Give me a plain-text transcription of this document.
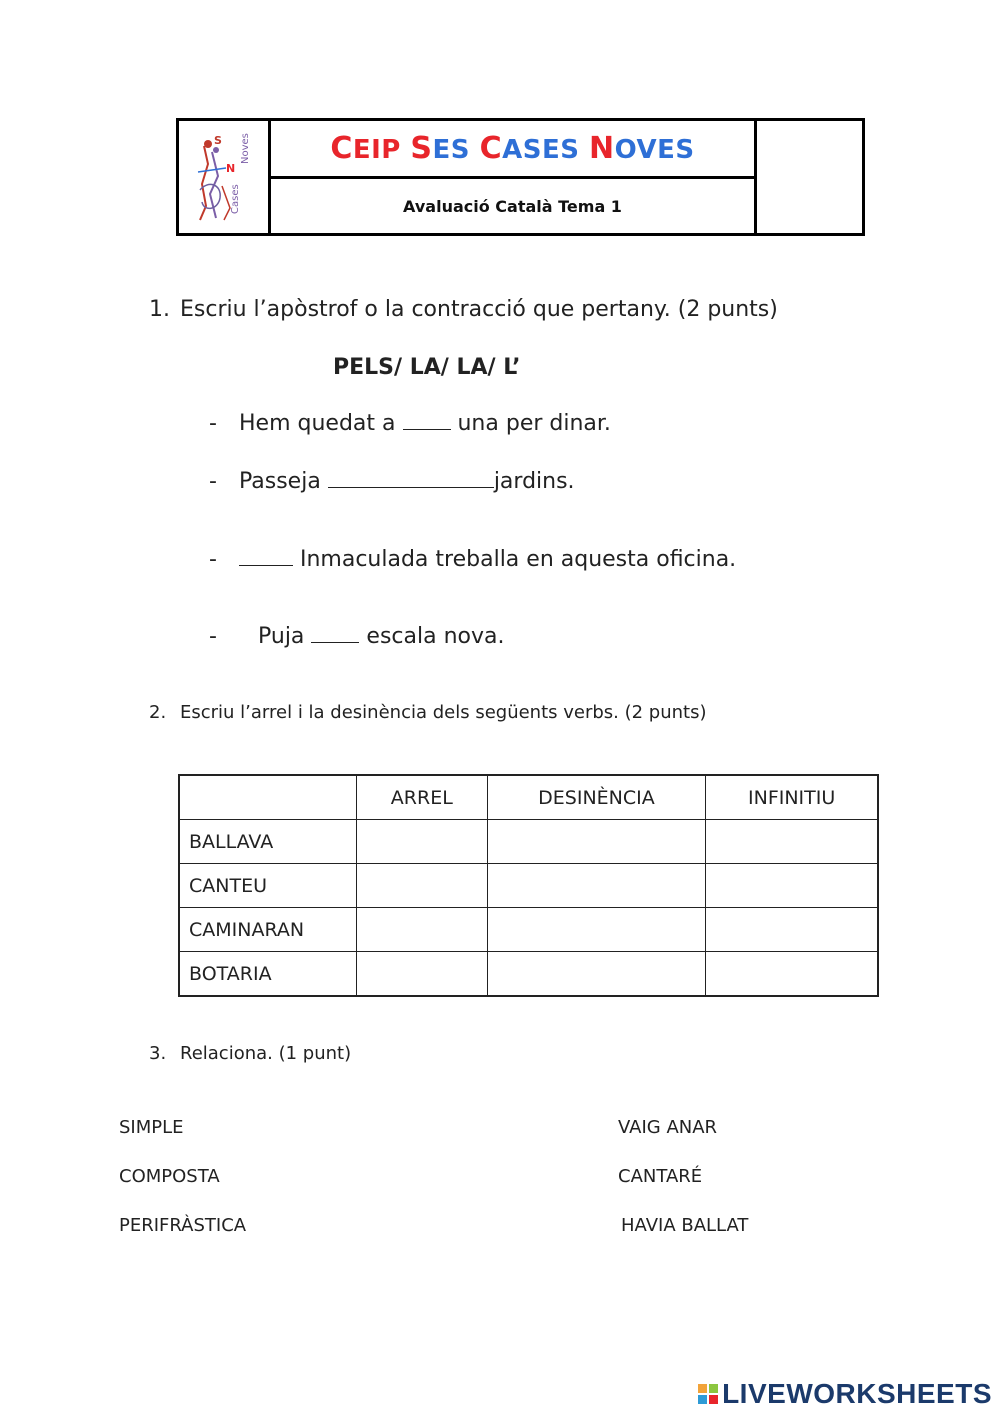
S
N
Cases
Noves	CEIP
SES
CASES
NOVES
Avaluació Català Tema 1
1. Escriu l’apòstrof o la contracció que pertany. (2 punts)
PELS/ LA/ LA/ L’
- Hem quedat a  una per dinar.
- Passeja	jardins.
-	Inmaculada treballa en aquesta oficina.
- Puja  escala nova.
2. Escriu l’arrel i la desinència dels següents verbs. (2 punts)
	ARREL	DESINÈNCIA	INFINITIU
BALLAVA			
CANTEU			
CAMINARAN			
BOTARIA			
3. Relaciona. (1 punt)
SIMPLE
COMPOSTA
PERIFRÀSTICA
VAIG ANAR
CANTARÉ
HAVIA BALLAT
LIVEWORKSHEETS
